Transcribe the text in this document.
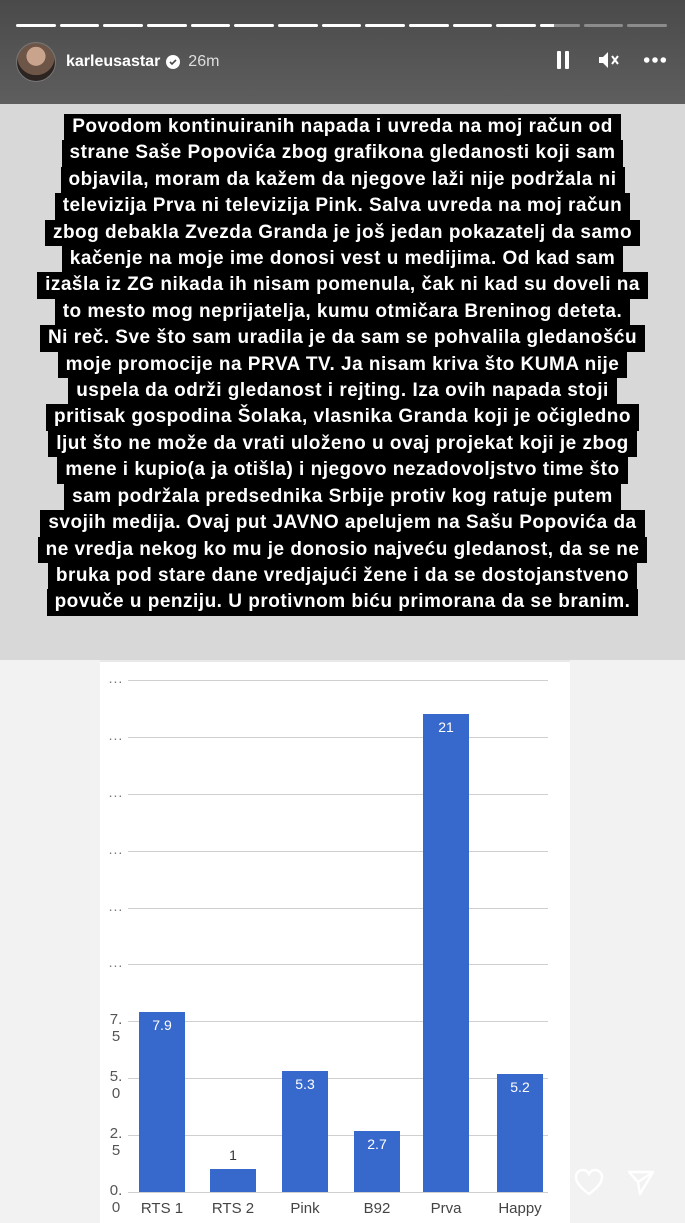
karleusastar 26m
Povodom kontinuiranih napada i uvreda na moj račun od
strane Saše Popovića zbog grafikona gledanosti koji sam
objavila, moram da kažem da njegove laži nije podržala ni
televizija Prva ni televizija Pink. Salva uvreda na moj račun
zbog debakla Zvezda Granda je još jedan pokazatelj da samo
kačenje na moje ime donosi vest u medijima. Od kad sam
izašla iz ZG nikada ih nisam pomenula, čak ni kad su doveli na
to mesto mog neprijatelja, kumu otmičara Breninog deteta.
Ni reč. Sve što sam uradila je da sam se pohvalila gledanošću
moje promocije na PRVA TV. Ja nisam kriva što KUMA nije
uspela da održi gledanost i rejting. Iza ovih napada stoji
pritisak gospodina Šolaka, vlasnika Granda koji je očigledno
ljut što ne može da vrati uloženo u ovaj projekat koji je zbog
mene i kupio(a ja otišla) i njegovo nezadovoljstvo time što
sam podržala predsednika Srbije protiv kog ratuje putem
svojih medija. Ovaj put JAVNO apelujem na Sašu Popovića da
ne vredja nekog ko mu je donosio najveću gledanost, da se ne
bruka pod stare dane vredjajući žene i da se dostojanstveno
povuče u penziju. U protivnom biću primorana da se branim.
0.
0
2.
5
5.
0
7.
5
...
...
...
...
...
...
7.9
RTS 1
1
RTS 2
5.3
Pink
2.7
B92
21
Prva
5.2
Happy
